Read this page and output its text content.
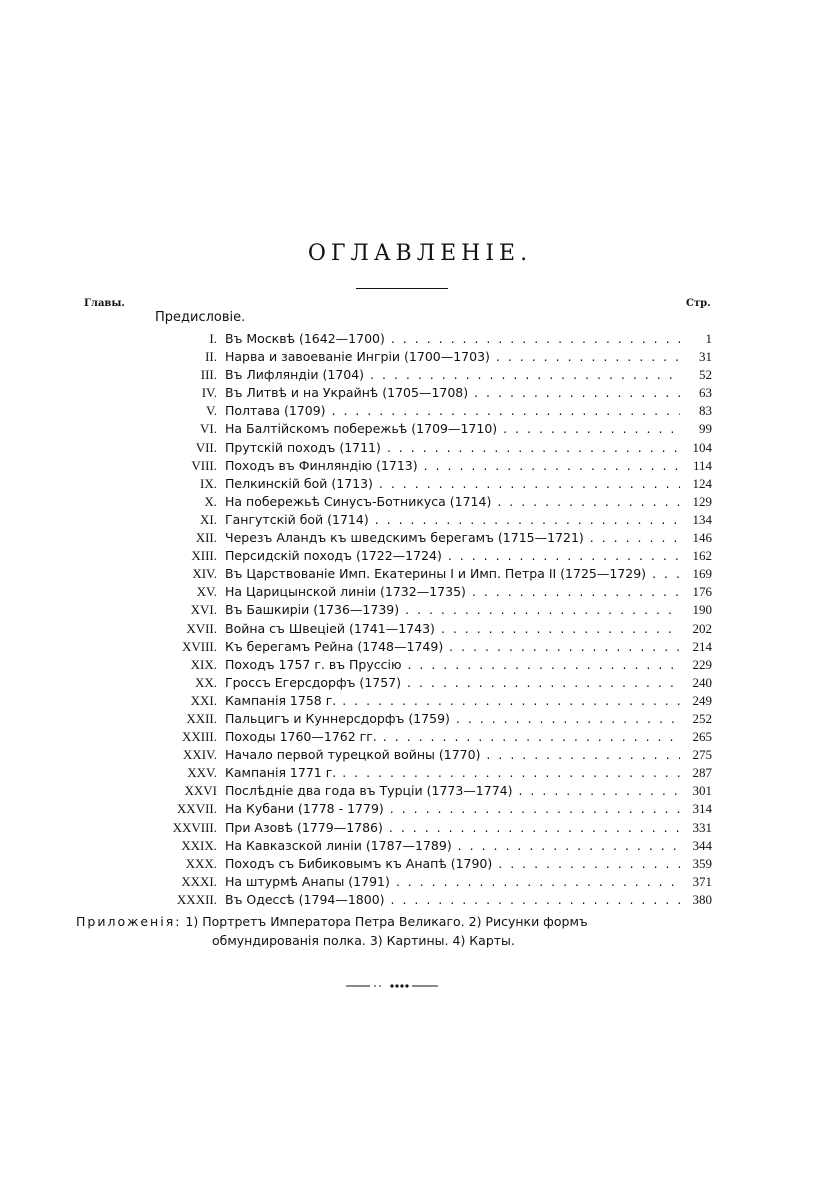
ОГЛАВЛЕНІЕ.
Главы.	Стр.
Предисловіе.
I. Въ Москвѣ (1642—1700) . . .	1
II. Нарва и завоеваніе Ингріи (1700—1703) . . .	31
III. Въ Лифляндіи (1704) . . .	52
IV. Въ Литвѣ и на Украйнѣ (1705—1708) . . .	63
V. Полтава (1709) . . .	83
VI. На Балтійскомъ побережьѣ (1709—1710) . . .	99
VII. Прутскій походъ (1711) . . .	104
VIII. Походъ въ Финляндію (1713) . . .	114
IX. Пелкинскій бой (1713) . . .	124
X. На побережьѣ Синусъ-Ботникуса (1714) . . .	129
XI. Гангутскій бой (1714) . . .	134
XII. Черезъ Аландъ къ шведскимъ берегамъ (1715—1721) . . .	146
XIII. Персидскій походъ (1722—1724) . . .	162
XIV. Въ Царствованіе Имп. Екатерины I и Имп. Петра II (1725—1729) . . .	169
XV. На Царицынской линіи (1732—1735) . . .	176
XVI. Въ Башкиріи (1736—1739) . . .	190
XVII. Война съ Швеціей (1741—1743) . . .	202
XVIII. Къ берегамъ Рейна (1748—1749) . . .	214
XIX. Походъ 1757 г. въ Пруссію . . .	229
XX. Гроссъ Егерсдорфъ (1757) . . .	240
XXI. Кампанія 1758 г. . . .	249
XXII. Пальцигъ и Куннерсдорфъ (1759) . . .	252
XXIII. Походы 1760—1762 гг. . . .	265
XXIV. Начало первой турецкой войны (1770) . . .	275
XXV. Кампанія 1771 г. . . .	287
XXVI Послѣдніе два года въ Турціи (1773—1774) . . .	301
XXVII. На Кубани (1778 - 1779) . . .	314
XXVIII. При Азовѣ (1779—1786) . . .	331
XXIX. На Кавказской линіи (1787—1789) . . .	344
XXX. Походъ съ Бибиковымъ къ Анапѣ (1790) . . .	359
XXXI. На штурмѣ Анапы (1791) . . .	371
XXXII. Въ Одессѣ (1794—1800) . . .	380
Приложенія: 1) Портретъ Императора Петра Великаго. 2) Рисунки формъ
обмундированія полка. 3) Картины. 4) Карты.
